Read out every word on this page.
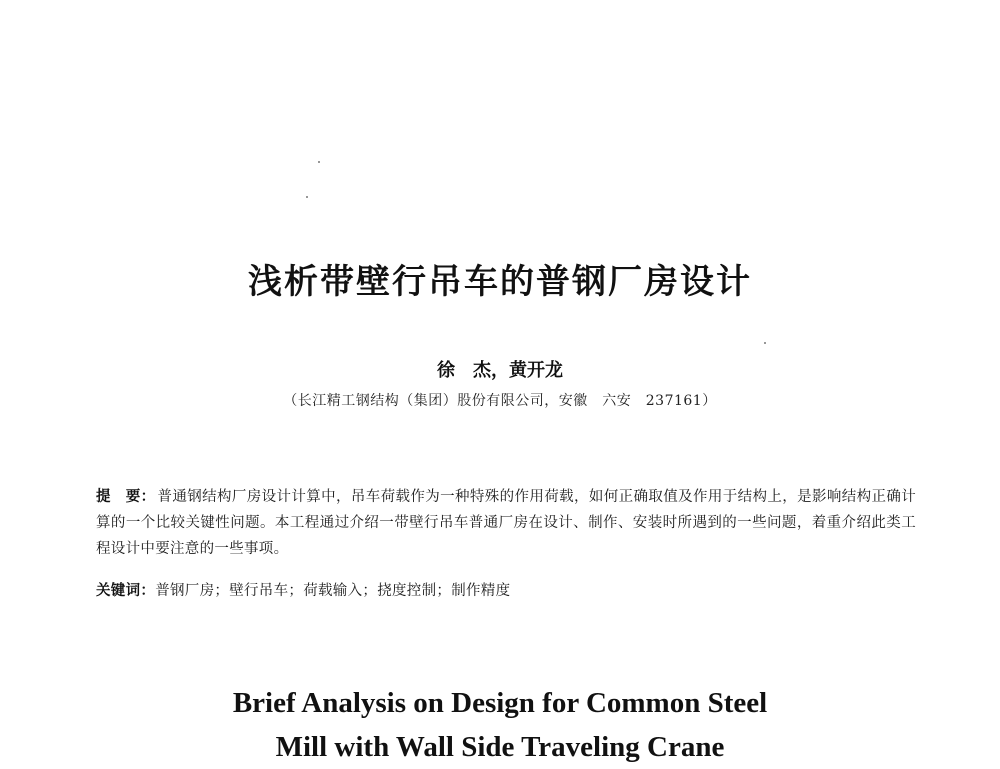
浅析带壁行吊车的普钢厂房设计
徐　杰，黄开龙
（长江精工钢结构（集团）股份有限公司，安徽　六安　237161）
提　要： 普通钢结构厂房设计计算中，吊车荷载作为一种特殊的作用荷载，如何正确取值及作用于结构上，是影响结构正确计算的一个比较关键性问题。本工程通过介绍一带壁行吊车普通厂房在设计、制作、安装时所遇到的一些问题，着重介绍此类工程设计中要注意的一些事项。
关键词：普钢厂房；壁行吊车；荷载输入；挠度控制；制作精度
Brief Analysis on Design for Common Steel
Mill with Wall Side Traveling Crane
